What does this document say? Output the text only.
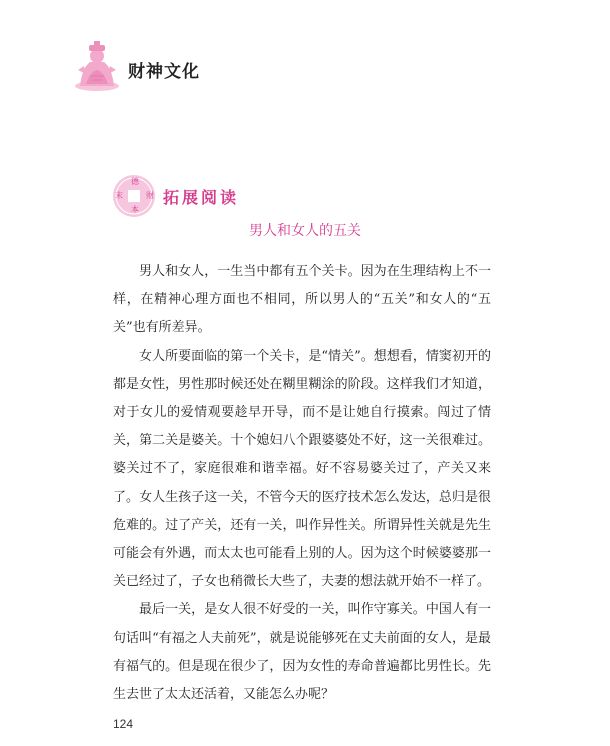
财神文化
德
财
本
末	拓展阅读
男人和女人的五关

男人和女人，一生当中都有五个关卡。因为在生理结构上不一样，在精神心理方面也不相同，所以男人的“五关”和女人的“五关”也有所差异。

女人所要面临的第一个关卡，是“情关”。想想看，情窦初开的都是女性，男性那时候还处在糊里糊涂的阶段。这样我们才知道，对于女儿的爱情观要趁早开导，而不是让她自行摸索。闯过了情关，第二关是婆关。十个媳妇八个跟婆婆处不好，这一关很难过。婆关过不了，家庭很难和谐幸福。好不容易婆关过了，产关又来了。女人生孩子这一关，不管今天的医疗技术怎么发达，总归是很危难的。过了产关，还有一关，叫作异性关。所谓异性关就是先生可能会有外遇，而太太也可能看上别的人。因为这个时候婆婆那一关已经过了，子女也稍微长大些了，夫妻的想法就开始不一样了。

最后一关，是女人很不好受的一关，叫作守寡关。中国人有一句话叫“有福之人夫前死”，就是说能够死在丈夫前面的女人，是最有福气的。但是现在很少了，因为女性的寿命普遍都比男性长。先生去世了太太还活着，又能怎么办呢？

124
